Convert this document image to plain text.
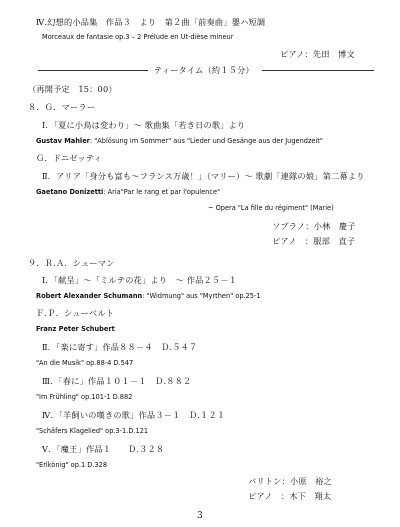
Ⅳ.幻想的小品集　作品３　より　第２曲「前奏曲」嬰ハ短調
Morceaux de fantasie op.3 – 2 Prélude en Ut-dièse mineur
ピアノ：先田　博文
ティータイム（約１５分）
（再開予定　15：00）
８．Ｇ．マーラー
Ⅰ．「夏に小鳥は変わり」～ 歌曲集「若き日の歌」より
Gustav Mahler: "Ablösung im Sommer" aus "Lieder und Gesänge aus der Jugendzeit"
Ｇ．ドニゼッティ
Ⅱ．アリア「身分も富も～フランス万歳！」（マリー）～ 歌劇「連隊の娘」第二幕より
Gaetano Donizetti: Aria"Par le rang et par l'opulence"
~ Opera "La fille du régiment" (Marie)
ソプラノ：小林　慶子
ピアノ　：服部　直子
９．Ｒ.Ａ．シューマン
Ⅰ．「献呈」～「ミルテの花」より　～ 作品２５－１
Robert Alexander Schumann: "Widmung" aus "Myrthen" op.25-1
Ｆ.Ｐ．シューベルト
Franz Peter Schubert
Ⅱ．「楽に寄す」作品８８－４　Ｄ.５４７
"An die Musik" op.88-4 D.547
Ⅲ．「春に」作品１０１－１　Ｄ.８８２
"Im Frühling" op.101-1 D.882
Ⅳ．「羊飼いの嘆きの歌」作品３－１　Ｄ.１２１
"Schäfers Klagelied" op.3-1.D.121
Ⅴ．「魔王」作品１　　Ｄ.３２８
"Erlkönig" op.1 D.328
バリトン：小原　裕之
ピアノ　：木下　翔太
3
